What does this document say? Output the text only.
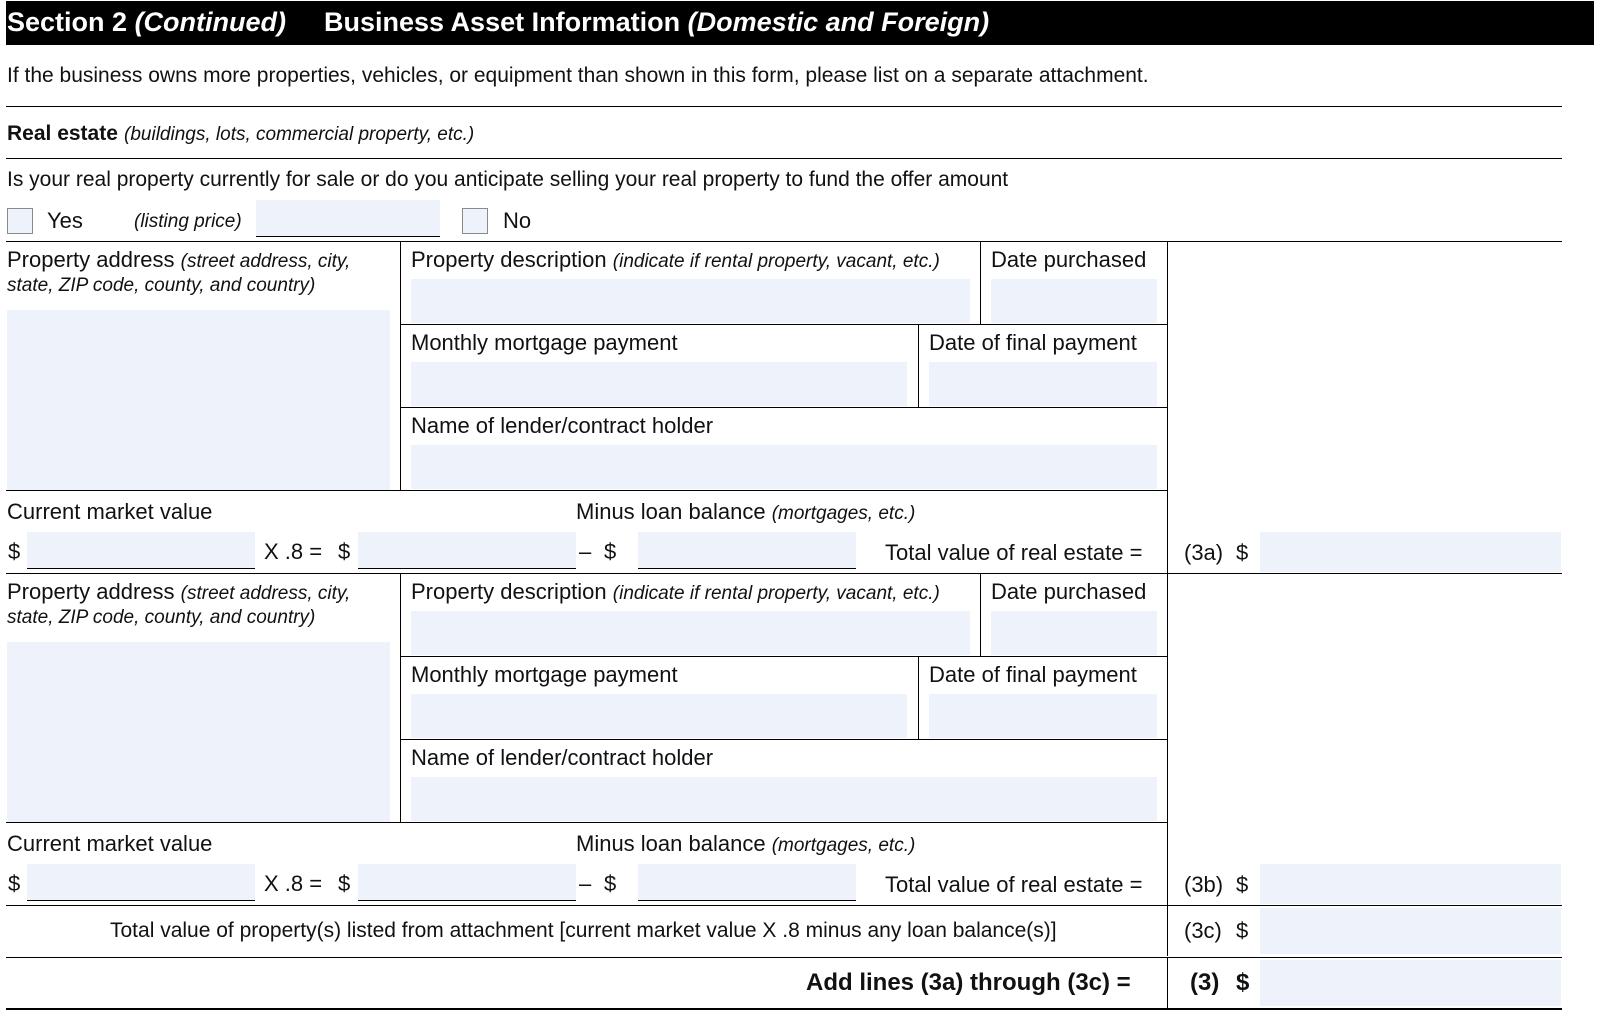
Section 2 (Continued) Business Asset Information (Domestic and Foreign)
If the business owns more properties, vehicles, or equipment than shown in this form, please list on a separate attachment.
Real estate (buildings, lots, commercial property, etc.)
Is your real property currently for sale or do you anticipate selling your real property to fund the offer amount
Yes	(listing price)	No
Property address (street address, city,
state, ZIP code, county, and country)
Property description (indicate if rental property, vacant, etc.) Date purchased
Monthly mortgage payment	Date of final payment
Name of lender/contract holder
Current market value	Minus loan balance (mortgages, etc.)
$	X .8 = $	– $	Total value of real estate = (3a) $
Property address (street address, city,
state, ZIP code, county, and country)
Property description (indicate if rental property, vacant, etc.) Date purchased
Monthly mortgage payment	Date of final payment
Name of lender/contract holder
Current market value	Minus loan balance (mortgages, etc.)
$	X .8 = $	– $	Total value of real estate = (3b) $
Total value of property(s) listed from attachment [current market value X .8 minus any loan balance(s)]	(3c) $
Add lines (3a) through (3c) = (3) $
